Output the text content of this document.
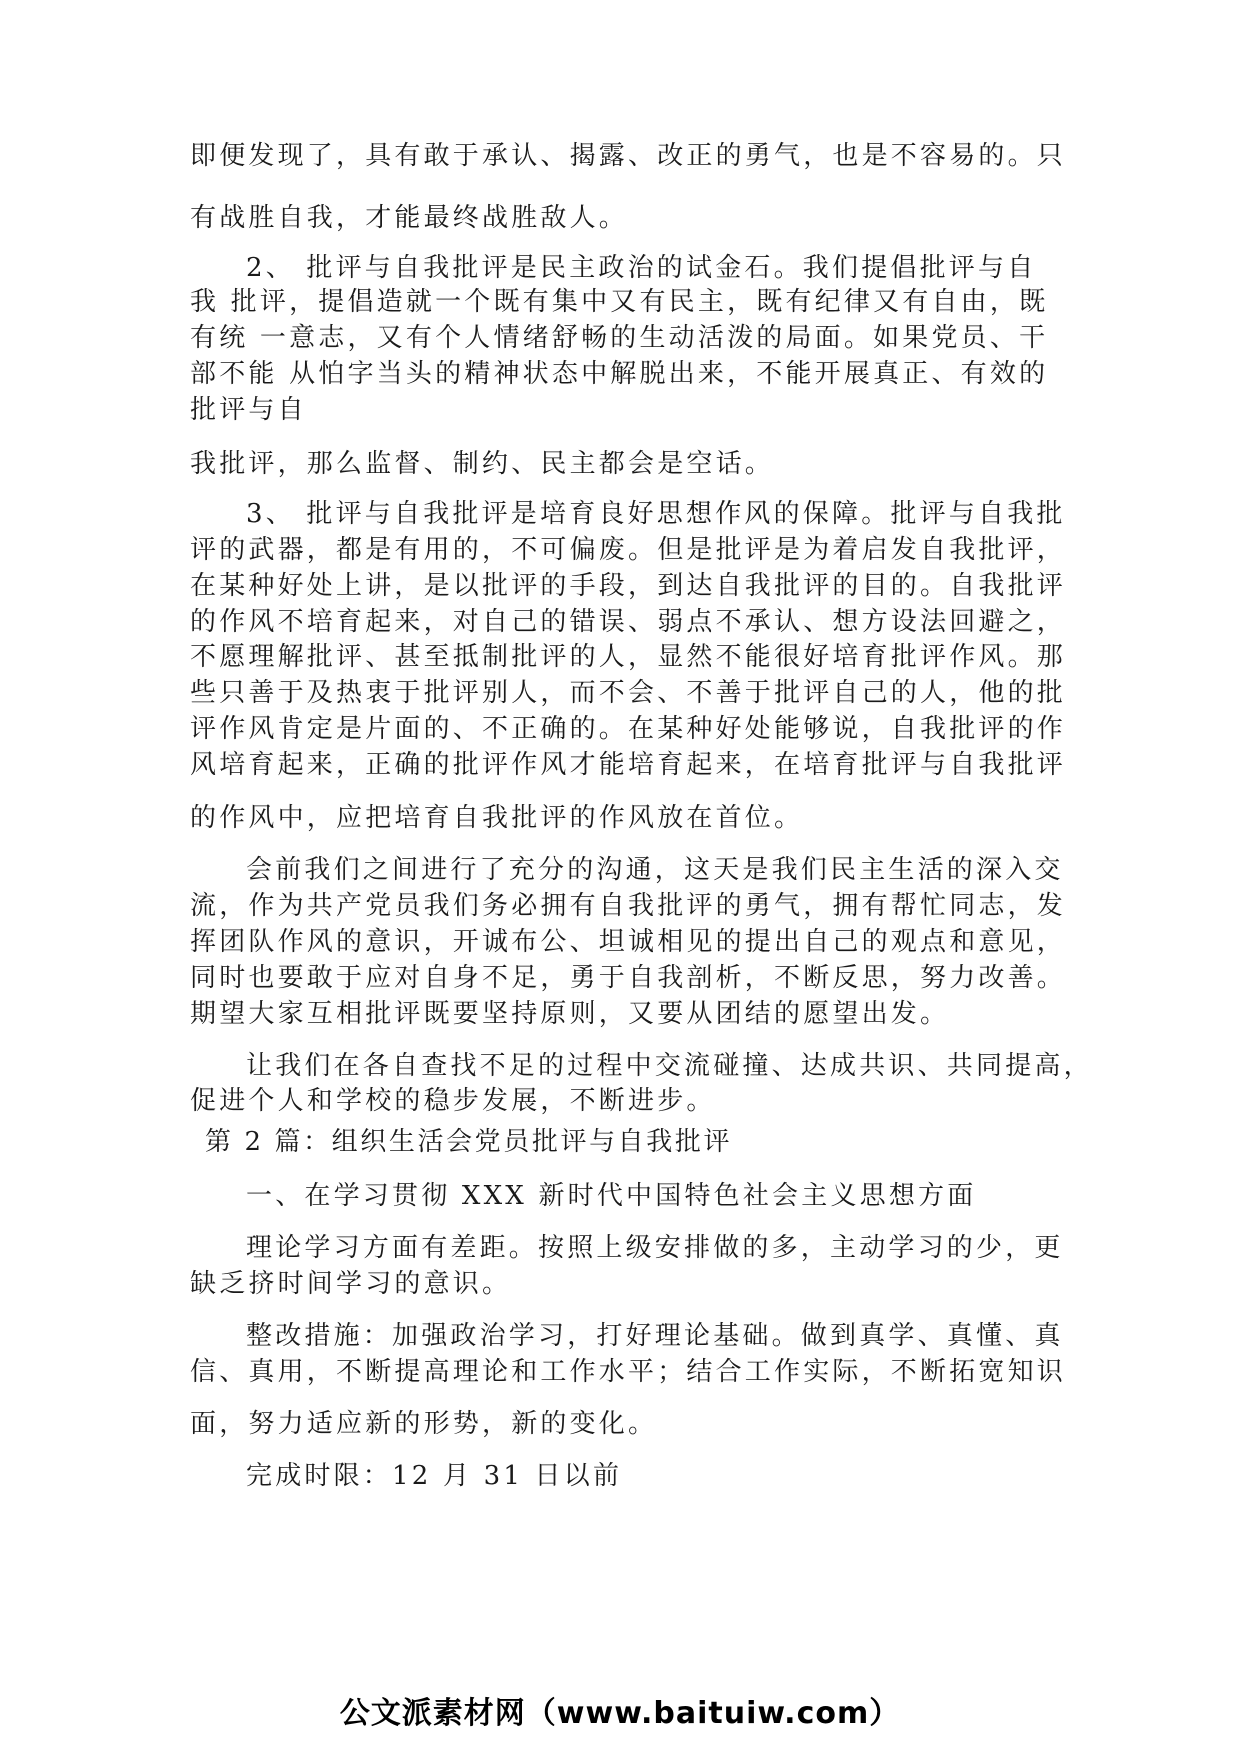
即便发现了，具有敢于承认、揭露、改正的勇气，也是不容易的。只

有战胜自我，才能最终战胜敌人。

2、 批评与自我批评是民主政治的试金石。我们提倡批评与自

我 批评，提倡造就一个既有集中又有民主，既有纪律又有自由，既

有统 一意志，又有个人情绪舒畅的生动活泼的局面。如果党员、干

部不能 从怕字当头的精神状态中解脱出来，不能开展真正、有效的

批评与自

我批评，那么监督、制约、民主都会是空话。

3、 批评与自我批评是培育良好思想作风的保障。批评与自我批

评的武器，都是有用的，不可偏废。但是批评是为着启发自我批评，

在某种好处上讲，是以批评的手段，到达自我批评的目的。自我批评

的作风不培育起来，对自己的错误、弱点不承认、想方设法回避之，

不愿理解批评、甚至抵制批评的人，显然不能很好培育批评作风。那

些只善于及热衷于批评别人，而不会、不善于批评自己的人，他的批

评作风肯定是片面的、不正确的。在某种好处能够说，自我批评的作

风培育起来，正确的批评作风才能培育起来，在培育批评与自我批评

的作风中，应把培育自我批评的作风放在首位。

会前我们之间进行了充分的沟通，这天是我们民主生活的深入交

流，作为共产党员我们务必拥有自我批评的勇气，拥有帮忙同志，发

挥团队作风的意识，开诚布公、坦诚相见的提出自己的观点和意见，

同时也要敢于应对自身不足，勇于自我剖析，不断反思，努力改善。

期望大家互相批评既要坚持原则，又要从团结的愿望出发。

让我们在各自查找不足的过程中交流碰撞、达成共识、共同提高，

促进个人和学校的稳步发展，不断进步。

第 2 篇：组织生活会党员批评与自我批评

一、在学习贯彻 XXX 新时代中国特色社会主义思想方面

理论学习方面有差距。按照上级安排做的多，主动学习的少，更

缺乏挤时间学习的意识。

整改措施：加强政治学习，打好理论基础。做到真学、真懂、真

信、真用，不断提高理论和工作水平；结合工作实际，不断拓宽知识

面，努力适应新的形势，新的变化。

完成时限：12 月 31 日以前

公文派素材网（www.baituiw.com）
